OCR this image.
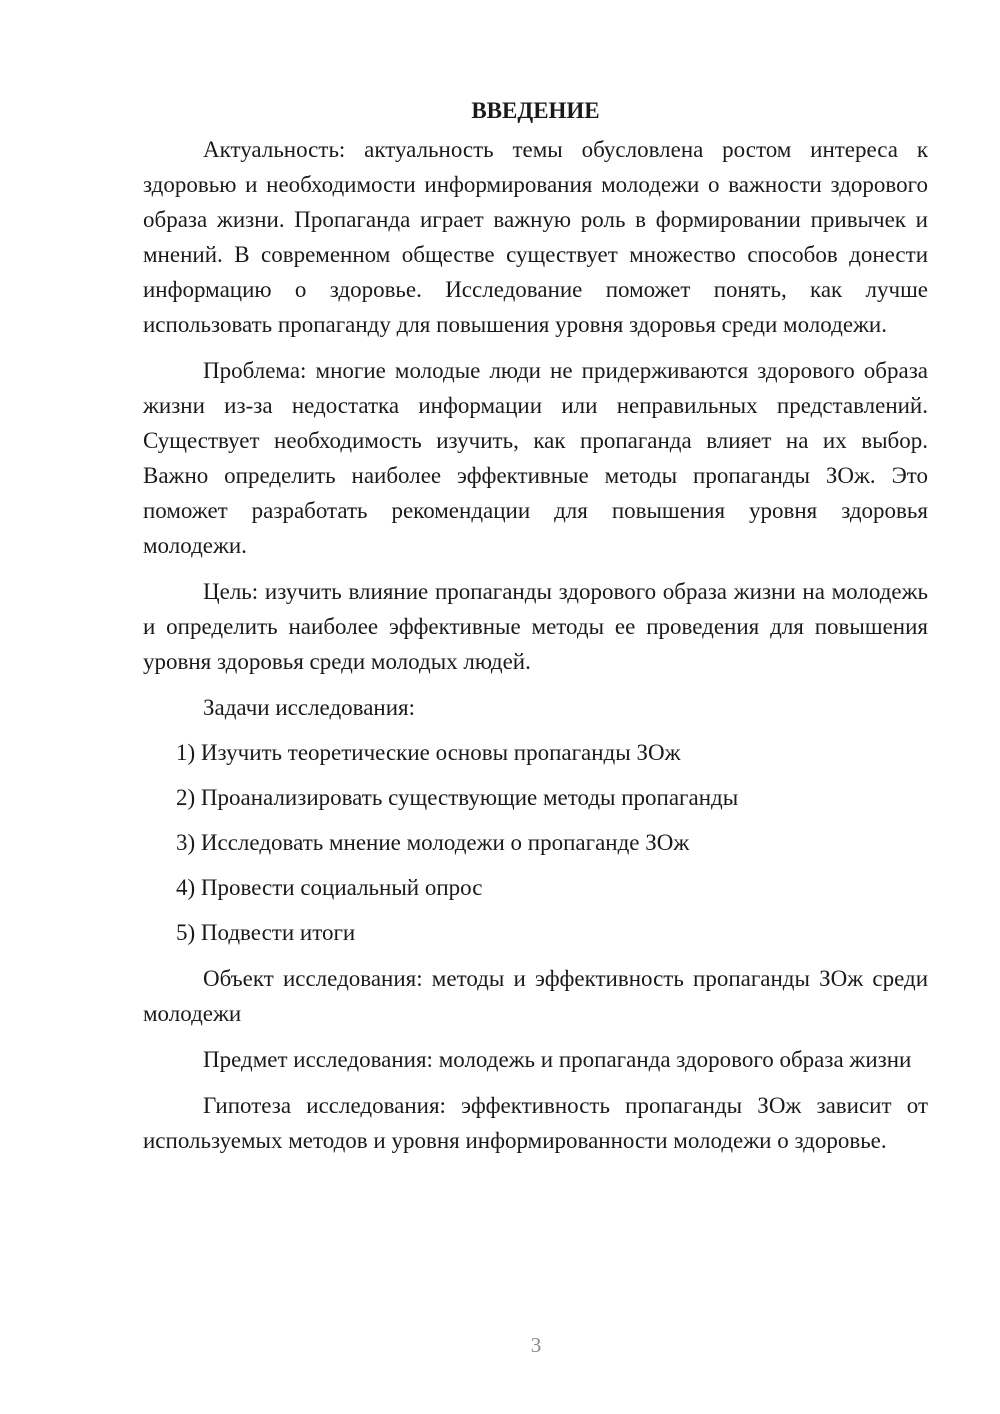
ВВЕДЕНИЕ

Актуальность: актуальность темы обусловлена ростом интереса к здоровью и необходимости информирования молодежи о важности здорового образа жизни. Пропаганда играет важную роль в формировании привычек и мнений. В современном обществе существует множество способов донести информацию о здоровье. Исследование поможет понять, как лучше использовать пропаганду для повышения уровня здоровья среди молодежи.

Проблема: многие молодые люди не придерживаются здорового образа жизни из-за недостатка информации или неправильных представлений. Существует необходимость изучить, как пропаганда влияет на их выбор. Важно определить наиболее эффективные методы пропаганды ЗОж. Это поможет разработать рекомендации для повышения уровня здоровья молодежи.

Цель: изучить влияние пропаганды здорового образа жизни на молодежь и определить наиболее эффективные методы ее проведения для повышения уровня здоровья среди молодых людей.

Задачи исследования:

1) Изучить теоретические основы пропаганды ЗОж

2) Проанализировать существующие методы пропаганды

3) Исследовать мнение молодежи о пропаганде ЗОж

4) Провести социальный опрос

5) Подвести итоги

Объект исследования: методы и эффективность пропаганды ЗОж среди молодежи

Предмет исследования: молодежь и пропаганда здорового образа жизни

Гипотеза исследования: эффективность пропаганды ЗОж зависит от используемых методов и уровня информированности молодежи о здоровье.

3
